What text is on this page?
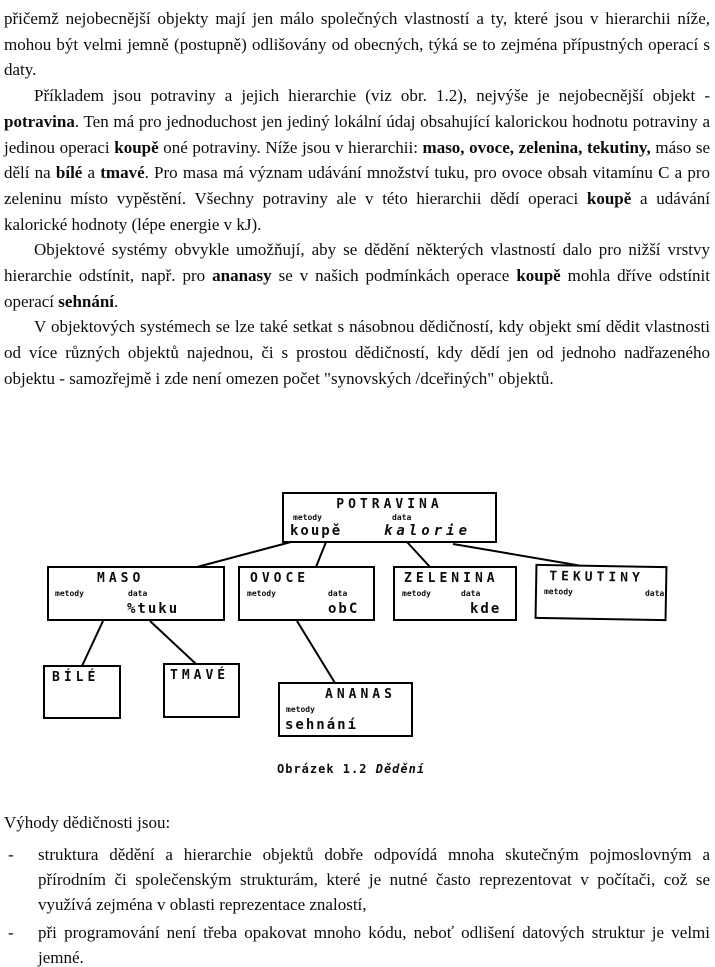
přičemž nejobecnější objekty mají jen málo společných vlastností a ty, které jsou v hierarchii níže, mohou být velmi jemně (postupně) odlišovány od obecných, týká se to zejména přípustných operací s daty.

Příkladem jsou potraviny a jejich hierarchie (viz obr. 1.2), nejvýše je nejobecnější objekt - potravina. Ten má pro jednoduchost jen jediný lokální údaj obsahující kalorickou hodnotu potraviny a jedinou operaci koupě oné potraviny. Níže jsou v hierarchii: maso, ovoce, zelenina, tekutiny, máso se dělí na bílé a tmavé. Pro masa má význam udávání množství tuku, pro ovoce obsah vitamínu C a pro zeleninu místo vypěstění. Všechny potraviny ale v této hierarchii dědí operaci koupě a udávání kalorické hodnoty (lépe energie v kJ).

Objektové systémy obvykle umožňují, aby se dědění některých vlastností dalo pro nižší vrstvy hierarchie odstínit, např. pro ananasy se v našich podmínkách operace koupě mohla dříve odstínit operací sehnání.

V objektových systémech se lze také setkat s násobnou dědičností, kdy objekt smí dědit vlastnosti od více různých objektů najednou, či s prostou dědičností, kdy dědí jen od jednoho nadřazeného objektu - samozřejmě i zde není omezen počet "synovských /dceřiných" objektů.

POTRAVINA
metody	data
koupě	kalorie
MASO
metody	data
%tuku
OVOCE
metody	data
obC
ZELENINA
metody	data
kde
TEKUTINY
metody	data
BÍLÉ	TMAVÉ
ANANAS
metody
sehnání
Obrázek 1.2 Dědění

Výhody dědičnosti jsou:

-	struktura dědění a hierarchie objektů dobře odpovídá mnoha skutečným pojmoslovným a přírodním či společenským strukturám, které je nutné často reprezentovat v počítači, což se využívá zejména v oblasti reprezentace znalostí,
-	při programování není třeba opakovat mnoho kódu, neboť odlišení datových struktur je velmi jemné.
